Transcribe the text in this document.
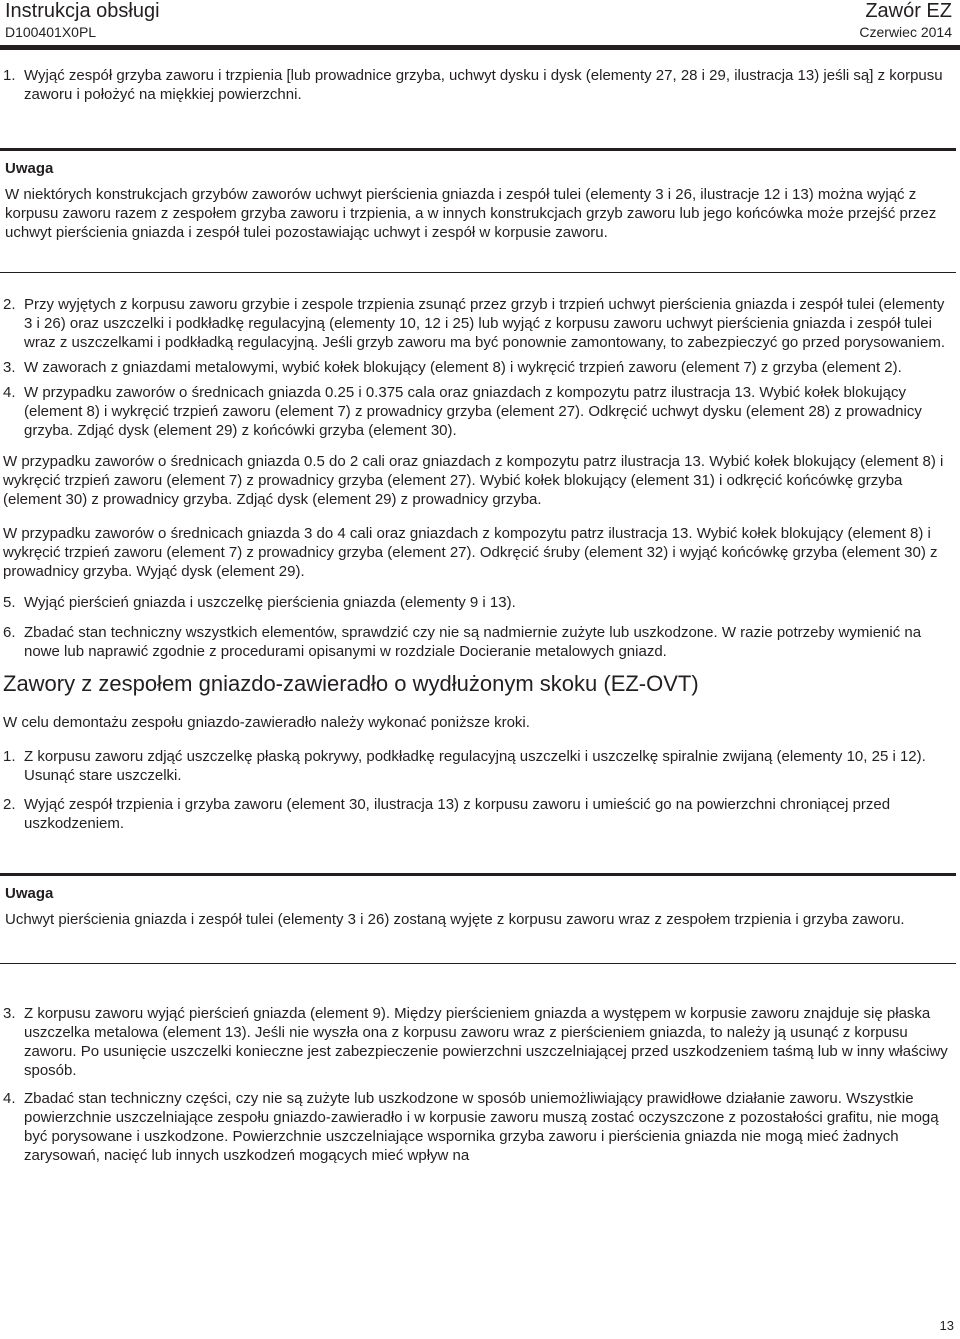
Instrukcja obsługi
D100401X0PL
Zawór EZ
Czerwiec 2014
1. Wyjąć zespół grzyba zaworu i trzpienia [lub prowadnice grzyba, uchwyt dysku i dysk (elementy 27, 28 i 29, ilustracja 13) jeśli są] z korpusu zaworu i położyć na miękkiej powierzchni.

Uwaga

W niektórych konstrukcjach grzybów zaworów uchwyt pierścienia gniazda i zespół tulei (elementy 3 i 26, ilustracje 12 i 13) można wyjąć z korpusu zaworu razem z zespołem grzyba zaworu i trzpienia, a w innych konstrukcjach grzyb zaworu lub jego końcówka może przejść przez uchwyt pierścienia gniazda i zespół tulei pozostawiając uchwyt i zespół w korpusie zaworu.

2. Przy wyjętych z korpusu zaworu grzybie i zespole trzpienia zsunąć przez grzyb i trzpień uchwyt pierścienia gniazda i zespół tulei (elementy 3 i 26) oraz uszczelki i podkładkę regulacyjną (elementy 10, 12 i 25) lub wyjąć z korpusu zaworu uchwyt pierścienia gniazda i zespół tulei wraz z uszczelkami i podkładką regulacyjną. Jeśli grzyb zaworu ma być ponownie zamontowany, to zabezpieczyć go przed porysowaniem.

3. W zaworach z gniazdami metalowymi, wybić kołek blokujący (element 8) i wykręcić trzpień zaworu (element 7) z grzyba (element 2).

4. W przypadku zaworów o średnicach gniazda 0.25 i 0.375 cala oraz gniazdach z kompozytu patrz ilustracja 13. Wybić kołek blokujący (element 8) i wykręcić trzpień zaworu (element 7) z prowadnicy grzyba (element 27). Odkręcić uchwyt dysku (element 28) z prowadnicy grzyba. Zdjąć dysk (element 29) z końcówki grzyba (element 30).

W przypadku zaworów o średnicach gniazda 0.5 do 2 cali oraz gniazdach z kompozytu patrz ilustracja 13. Wybić kołek blokujący (element 8) i wykręcić trzpień zaworu (element 7) z prowadnicy grzyba (element 27). Wybić kołek blokujący (element 31) i odkręcić końcówkę grzyba (element 30) z prowadnicy grzyba. Zdjąć dysk (element 29) z prowadnicy grzyba.

W przypadku zaworów o średnicach gniazda 3 do 4 cali oraz gniazdach z kompozytu patrz ilustracja 13. Wybić kołek blokujący (element 8) i wykręcić trzpień zaworu (element 7) z prowadnicy grzyba (element 27). Odkręcić śruby (element 32) i wyjąć końcówkę grzyba (element 30) z prowadnicy grzyba. Wyjąć dysk (element 29).

5. Wyjąć pierścień gniazda i uszczelkę pierścienia gniazda (elementy 9 i 13).

6. Zbadać stan techniczny wszystkich elementów, sprawdzić czy nie są nadmiernie zużyte lub uszkodzone. W razie potrzeby wymienić na nowe lub naprawić zgodnie z procedurami opisanymi w rozdziale Docieranie metalowych gniazd.

Zawory z zespołem gniazdo-zawieradło o wydłużonym skoku (EZ-OVT)

W celu demontażu zespołu gniazdo-zawieradło należy wykonać poniższe kroki.

1. Z korpusu zaworu zdjąć uszczelkę płaską pokrywy, podkładkę regulacyjną uszczelki i uszczelkę spiralnie zwijaną (elementy 10, 25 i 12). Usunąć stare uszczelki.

2. Wyjąć zespół trzpienia i grzyba zaworu (element 30, ilustracja 13) z korpusu zaworu i umieścić go na powierzchni chroniącej przed uszkodzeniem.

Uwaga

Uchwyt pierścienia gniazda i zespół tulei (elementy 3 i 26) zostaną wyjęte z korpusu zaworu wraz z zespołem trzpienia i grzyba zaworu.

3. Z korpusu zaworu wyjąć pierścień gniazda (element 9). Między pierścieniem gniazda a występem w korpusie zaworu znajduje się płaska uszczelka metalowa (element 13). Jeśli nie wyszła ona z korpusu zaworu wraz z pierścieniem gniazda, to należy ją usunąć z korpusu zaworu. Po usunięcie uszczelki konieczne jest zabezpieczenie powierzchni uszczelniającej przed uszkodzeniem taśmą lub w inny właściwy sposób.

4. Zbadać stan techniczny części, czy nie są zużyte lub uszkodzone w sposób uniemożliwiający prawidłowe działanie zaworu. Wszystkie powierzchnie uszczelniające zespołu gniazdo-zawieradło i w korpusie zaworu muszą zostać oczyszczone z pozostałości grafitu, nie mogą być porysowane i uszkodzone. Powierzchnie uszczelniające wspornika grzyba zaworu i pierścienia gniazda nie mogą mieć żadnych zarysowań, nacięć lub innych uszkodzeń mogących mieć wpływ na

13
